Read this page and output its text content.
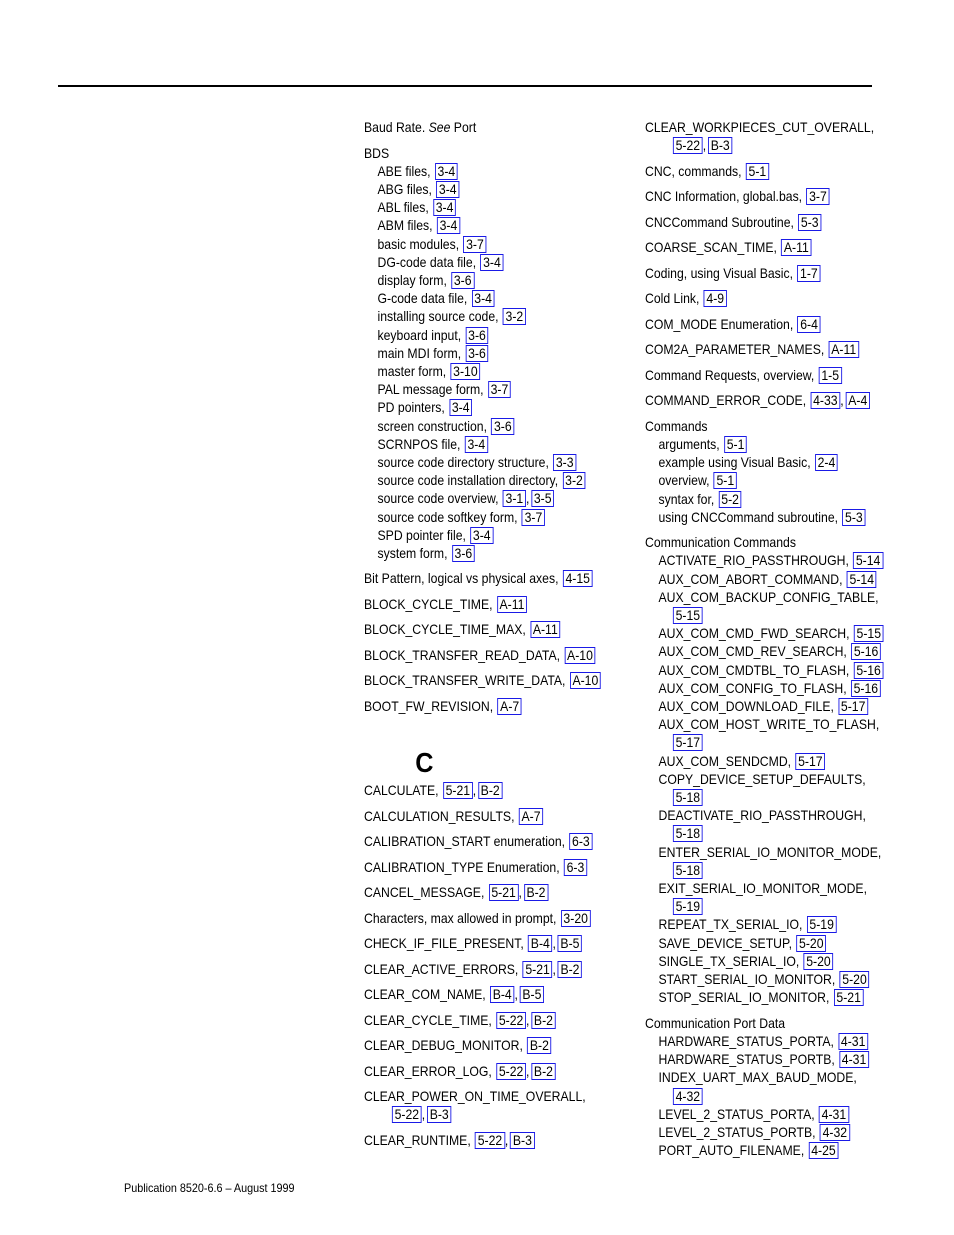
Baud Rate. See Port
BDS
ABE files, 3-4
ABG files, 3-4
ABL files, 3-4
ABM files, 3-4
basic modules, 3-7
DG-code data file, 3-4
display form, 3-6
G-code data file, 3-4
installing source code, 3-2
keyboard input, 3-6
main MDI form, 3-6
master form, 3-10
PAL message form, 3-7
PD pointers, 3-4
screen construction, 3-6
SCRNPOS file, 3-4
source code directory structure, 3-3
source code installation directory, 3-2
source code overview, 3-1 , 3-5
source code softkey form, 3-7
SPD pointer file, 3-4
system form, 3-6
Bit Pattern, logical vs physical axes, 4-15
BLOCK_CYCLE_TIME, A-11
BLOCK_CYCLE_TIME_MAX, A-11
BLOCK_TRANSFER_READ_DATA, A-10
BLOCK_TRANSFER_WRITE_DATA, A-10
BOOT_FW_REVISION, A-7
C
CALCULATE, 5-21 , B-2
CALCULATION_RESULTS, A-7
CALIBRATION_START enumeration, 6-3
CALIBRATION_TYPE Enumeration, 6-3
CANCEL_MESSAGE, 5-21 , B-2
Characters, max allowed in prompt, 3-20
CHECK_IF_FILE_PRESENT, B-4 , B-5
CLEAR_ACTIVE_ERRORS, 5-21 , B-2
CLEAR_COM_NAME, B-4 , B-5
CLEAR_CYCLE_TIME, 5-22 , B-2
CLEAR_DEBUG_MONITOR, B-2
CLEAR_ERROR_LOG, 5-22 , B-2
CLEAR_POWER_ON_TIME_OVERALL,
5-22 , B-3
CLEAR_RUNTIME, 5-22 , B-3
CLEAR_WORKPIECES_CUT_OVERALL,
5-22 , B-3
CNC, commands, 5-1
CNC Information, global.bas, 3-7
CNCCommand Subroutine, 5-3
COARSE_SCAN_TIME, A-11
Coding, using Visual Basic, 1-7
Cold Link, 4-9
COM_MODE Enumeration, 6-4
COM2A_PARAMETER_NAMES, A-11
Command Requests, overview, 1-5
COMMAND_ERROR_CODE, 4-33 , A-4
Commands
arguments, 5-1
example using Visual Basic, 2-4
overview, 5-1
syntax for, 5-2
using CNCCommand subroutine, 5-3
Communication Commands
ACTIVATE_RIO_PASSTHROUGH, 5-14
AUX_COM_ABORT_COMMAND, 5-14
AUX_COM_BACKUP_CONFIG_TABLE,
5-15
AUX_COM_CMD_FWD_SEARCH, 5-15
AUX_COM_CMD_REV_SEARCH, 5-16
AUX_COM_CMDTBL_TO_FLASH, 5-16
AUX_COM_CONFIG_TO_FLASH, 5-16
AUX_COM_DOWNLOAD_FILE, 5-17
AUX_COM_HOST_WRITE_TO_FLASH,
5-17
AUX_COM_SENDCMD, 5-17
COPY_DEVICE_SETUP_DEFAULTS,
5-18
DEACTIVATE_RIO_PASSTHROUGH,
5-18
ENTER_SERIAL_IO_MONITOR_MODE,
5-18
EXIT_SERIAL_IO_MONITOR_MODE,
5-19
REPEAT_TX_SERIAL_IO, 5-19
SAVE_DEVICE_SETUP, 5-20
SINGLE_TX_SERIAL_IO, 5-20
START_SERIAL_IO_MONITOR, 5-20
STOP_SERIAL_IO_MONITOR, 5-21
Communication Port Data
HARDWARE_STATUS_PORTA, 4-31
HARDWARE_STATUS_PORTB, 4-31
INDEX_UART_MAX_BAUD_MODE,
4-32
LEVEL_2_STATUS_PORTA, 4-31
LEVEL_2_STATUS_PORTB, 4-32
PORT_AUTO_FILENAME, 4-25
Publication 8520-6.6 – August 1999
